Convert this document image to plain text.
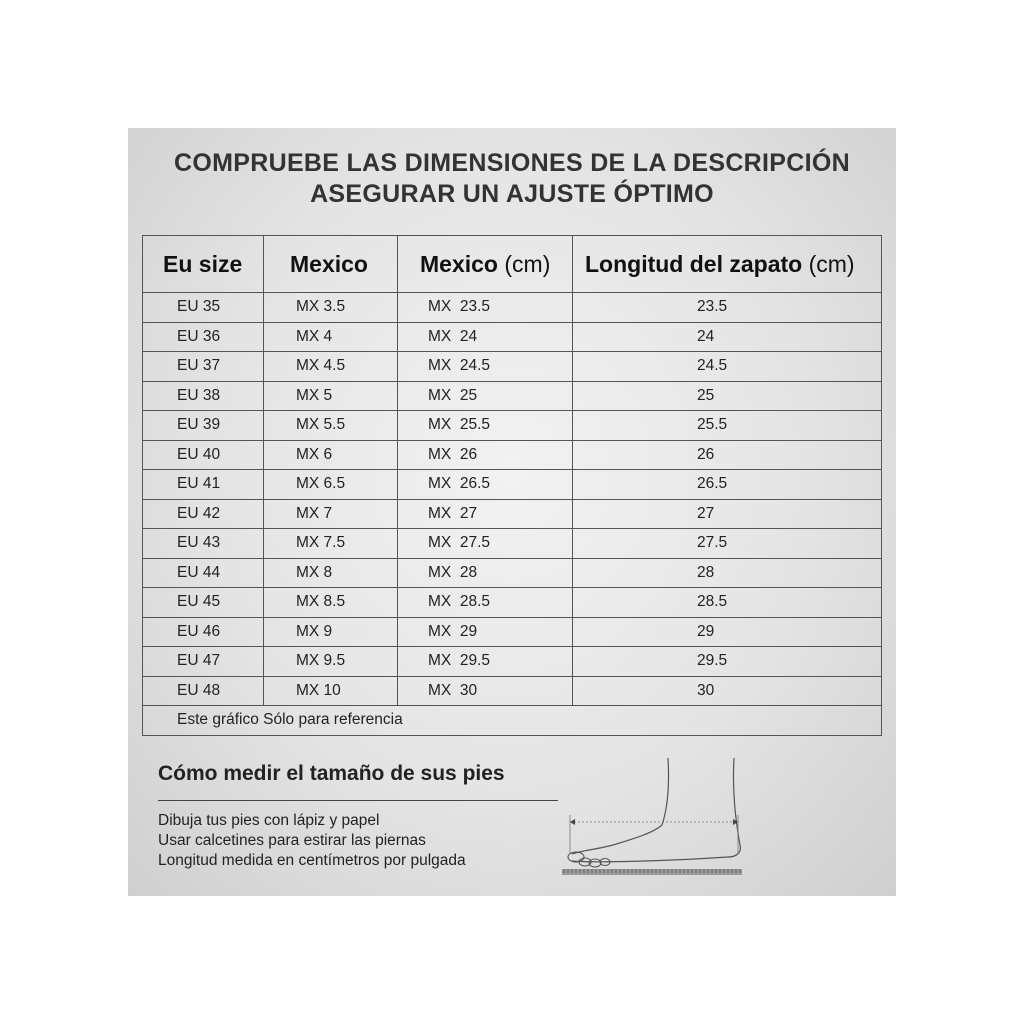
COMPRUEBE LAS DIMENSIONES DE LA DESCRIPCIÓN
ASEGURAR UN AJUSTE ÓPTIMO
Eu size	Mexico	Mexico (cm)	Longitud del zapato (cm)
EU 35	MX 3.5	MX  23.5	23.5
EU 36	MX 4	MX  24	24
EU 37	MX 4.5	MX  24.5	24.5
EU 38	MX 5	MX  25	25
EU 39	MX 5.5	MX  25.5	25.5
EU 40	MX 6	MX  26	26
EU 41	MX 6.5	MX  26.5	26.5
EU 42	MX 7	MX  27	27
EU 43	MX 7.5	MX  27.5	27.5
EU 44	MX 8	MX  28	28
EU 45	MX 8.5	MX  28.5	28.5
EU 46	MX 9	MX  29	29
EU 47	MX 9.5	MX  29.5	29.5
EU 48	MX 10	MX  30	30
Este gráfico Sólo para referencia			
Cómo medir el tamaño de sus pies
Dibuja tus pies con lápiz y papel
Usar calcetines para estirar las piernas
Longitud medida en centímetros por pulgada
